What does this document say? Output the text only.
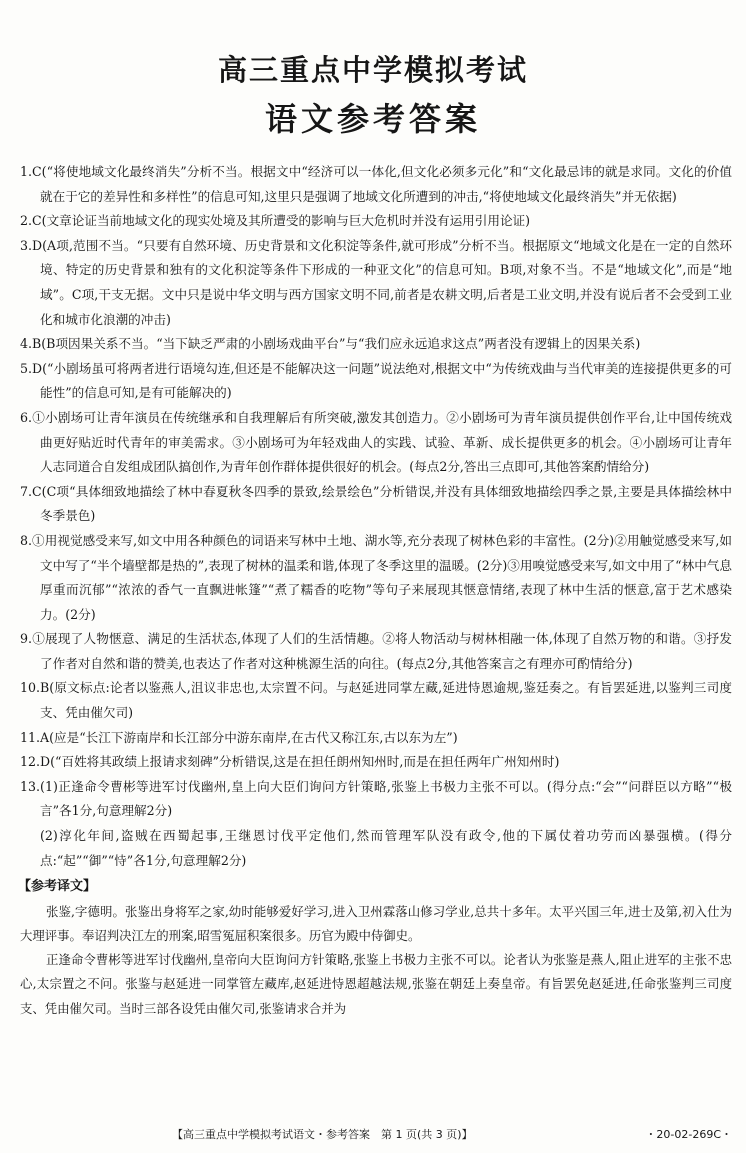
高三重点中学模拟考试
语文参考答案

1.C(“将使地域文化最终消失”分析不当。根据文中“经济可以一体化,但文化必须多元化”和“文化最忌讳的就是求同。文化的价值就在于它的差异性和多样性”的信息可知,这里只是强调了地域文化所遭到的冲击,“将使地域文化最终消失”并无依据)

2.C(文章论证当前地域文化的现实处境及其所遭受的影响与巨大危机时并没有运用引用论证)

3.D(A项,范围不当。“只要有自然环境、历史背景和文化积淀等条件,就可形成”分析不当。根据原文“地域文化是在一定的自然环境、特定的历史背景和独有的文化积淀等条件下形成的一种亚文化”的信息可知。B项,对象不当。不是“地域文化”,而是“地域”。C项,干支无据。文中只是说中华文明与西方国家文明不同,前者是农耕文明,后者是工业文明,并没有说后者不会受到工业化和城市化浪潮的冲击)

4.B(B项因果关系不当。“当下缺乏严肃的小剧场戏曲平台”与“我们应永远追求这点”两者没有逻辑上的因果关系)

5.D(“小剧场虽可将两者进行语境勾连,但还是不能解决这一问题”说法绝对,根据文中“为传统戏曲与当代审美的连接提供更多的可能性”的信息可知,是有可能解决的)

6.①小剧场可让青年演员在传统继承和自我理解后有所突破,激发其创造力。②小剧场可为青年演员提供创作平台,让中国传统戏曲更好贴近时代青年的审美需求。③小剧场可为年轻戏曲人的实践、试验、革新、成长提供更多的机会。④小剧场可让青年人志同道合自发组成团队搞创作,为青年创作群体提供很好的机会。(每点2分,答出三点即可,其他答案酌情给分)

7.C(C项“具体细致地描绘了林中春夏秋冬四季的景致,绘景绘色”分析错误,并没有具体细致地描绘四季之景,主要是具体描绘林中冬季景色)

8.①用视觉感受来写,如文中用各种颜色的词语来写林中土地、湖水等,充分表现了树林色彩的丰富性。(2分)②用触觉感受来写,如文中写了“半个墙壁都是热的”,表现了树林的温柔和谐,体现了冬季这里的温暖。(2分)③用嗅觉感受来写,如文中用了“林中气息厚重而沉郁”“浓浓的香气一直飘进帐篷”“煮了糯香的吃物”等句子来展现其惬意情绪,表现了林中生活的惬意,富于艺术感染力。(2分)

9.①展现了人物惬意、满足的生活状态,体现了人们的生活情趣。②将人物活动与树林相融一体,体现了自然万物的和谐。③抒发了作者对自然和谐的赞美,也表达了作者对这种桃源生活的向往。(每点2分,其他答案言之有理亦可酌情给分)

10.B(原文标点:论者以鉴燕人,沮议非忠也,太宗置不问。与赵延进同掌左藏,延进恃恩逾规,鉴廷奏之。有旨罢延进,以鉴判三司度支、凭由催欠司)

11.A(应是“长江下游南岸和长江部分中游东南岸,在古代又称江东,古以东为左”)

12.D(“百姓将其政绩上报请求刻碑”分析错误,这是在担任朗州知州时,而是在担任两年广州知州时)

13.(1)正逢命令曹彬等进军讨伐幽州,皇上向大臣们询问方针策略,张鉴上书极力主张不可以。(得分点:“会”“问群臣以方略”“极言”各1分,句意理解2分)

(2)淳化年间,盗贼在西蜀起事,王继恩讨伐平定他们,然而管理军队没有政令,他的下属仗着功劳而凶暴强横。(得分点:“起”“御”“恃”各1分,句意理解2分)

【参考译文】

张鉴,字德明。张鉴出身将军之家,幼时能够爱好学习,进入卫州霖落山修习学业,总共十多年。太平兴国三年,进士及第,初入仕为大理评事。奉诏判决江左的刑案,昭雪冤屈积案很多。历官为殿中侍御史。

正逢命令曹彬等进军讨伐幽州,皇帝向大臣询问方针策略,张鉴上书极力主张不可以。论者认为张鉴是燕人,阻止进军的主张不忠心,太宗置之不问。张鉴与赵延进一同掌管左藏库,赵延进恃恩超越法规,张鉴在朝廷上奏皇帝。有旨罢免赵延进,任命张鉴判三司度支、凭由催欠司。当时三部各设凭由催欠司,张鉴请求合并为

【高三重点中学模拟考试语文・参考答案　第 1 页(共 3 页)】	・20-02-269C・
